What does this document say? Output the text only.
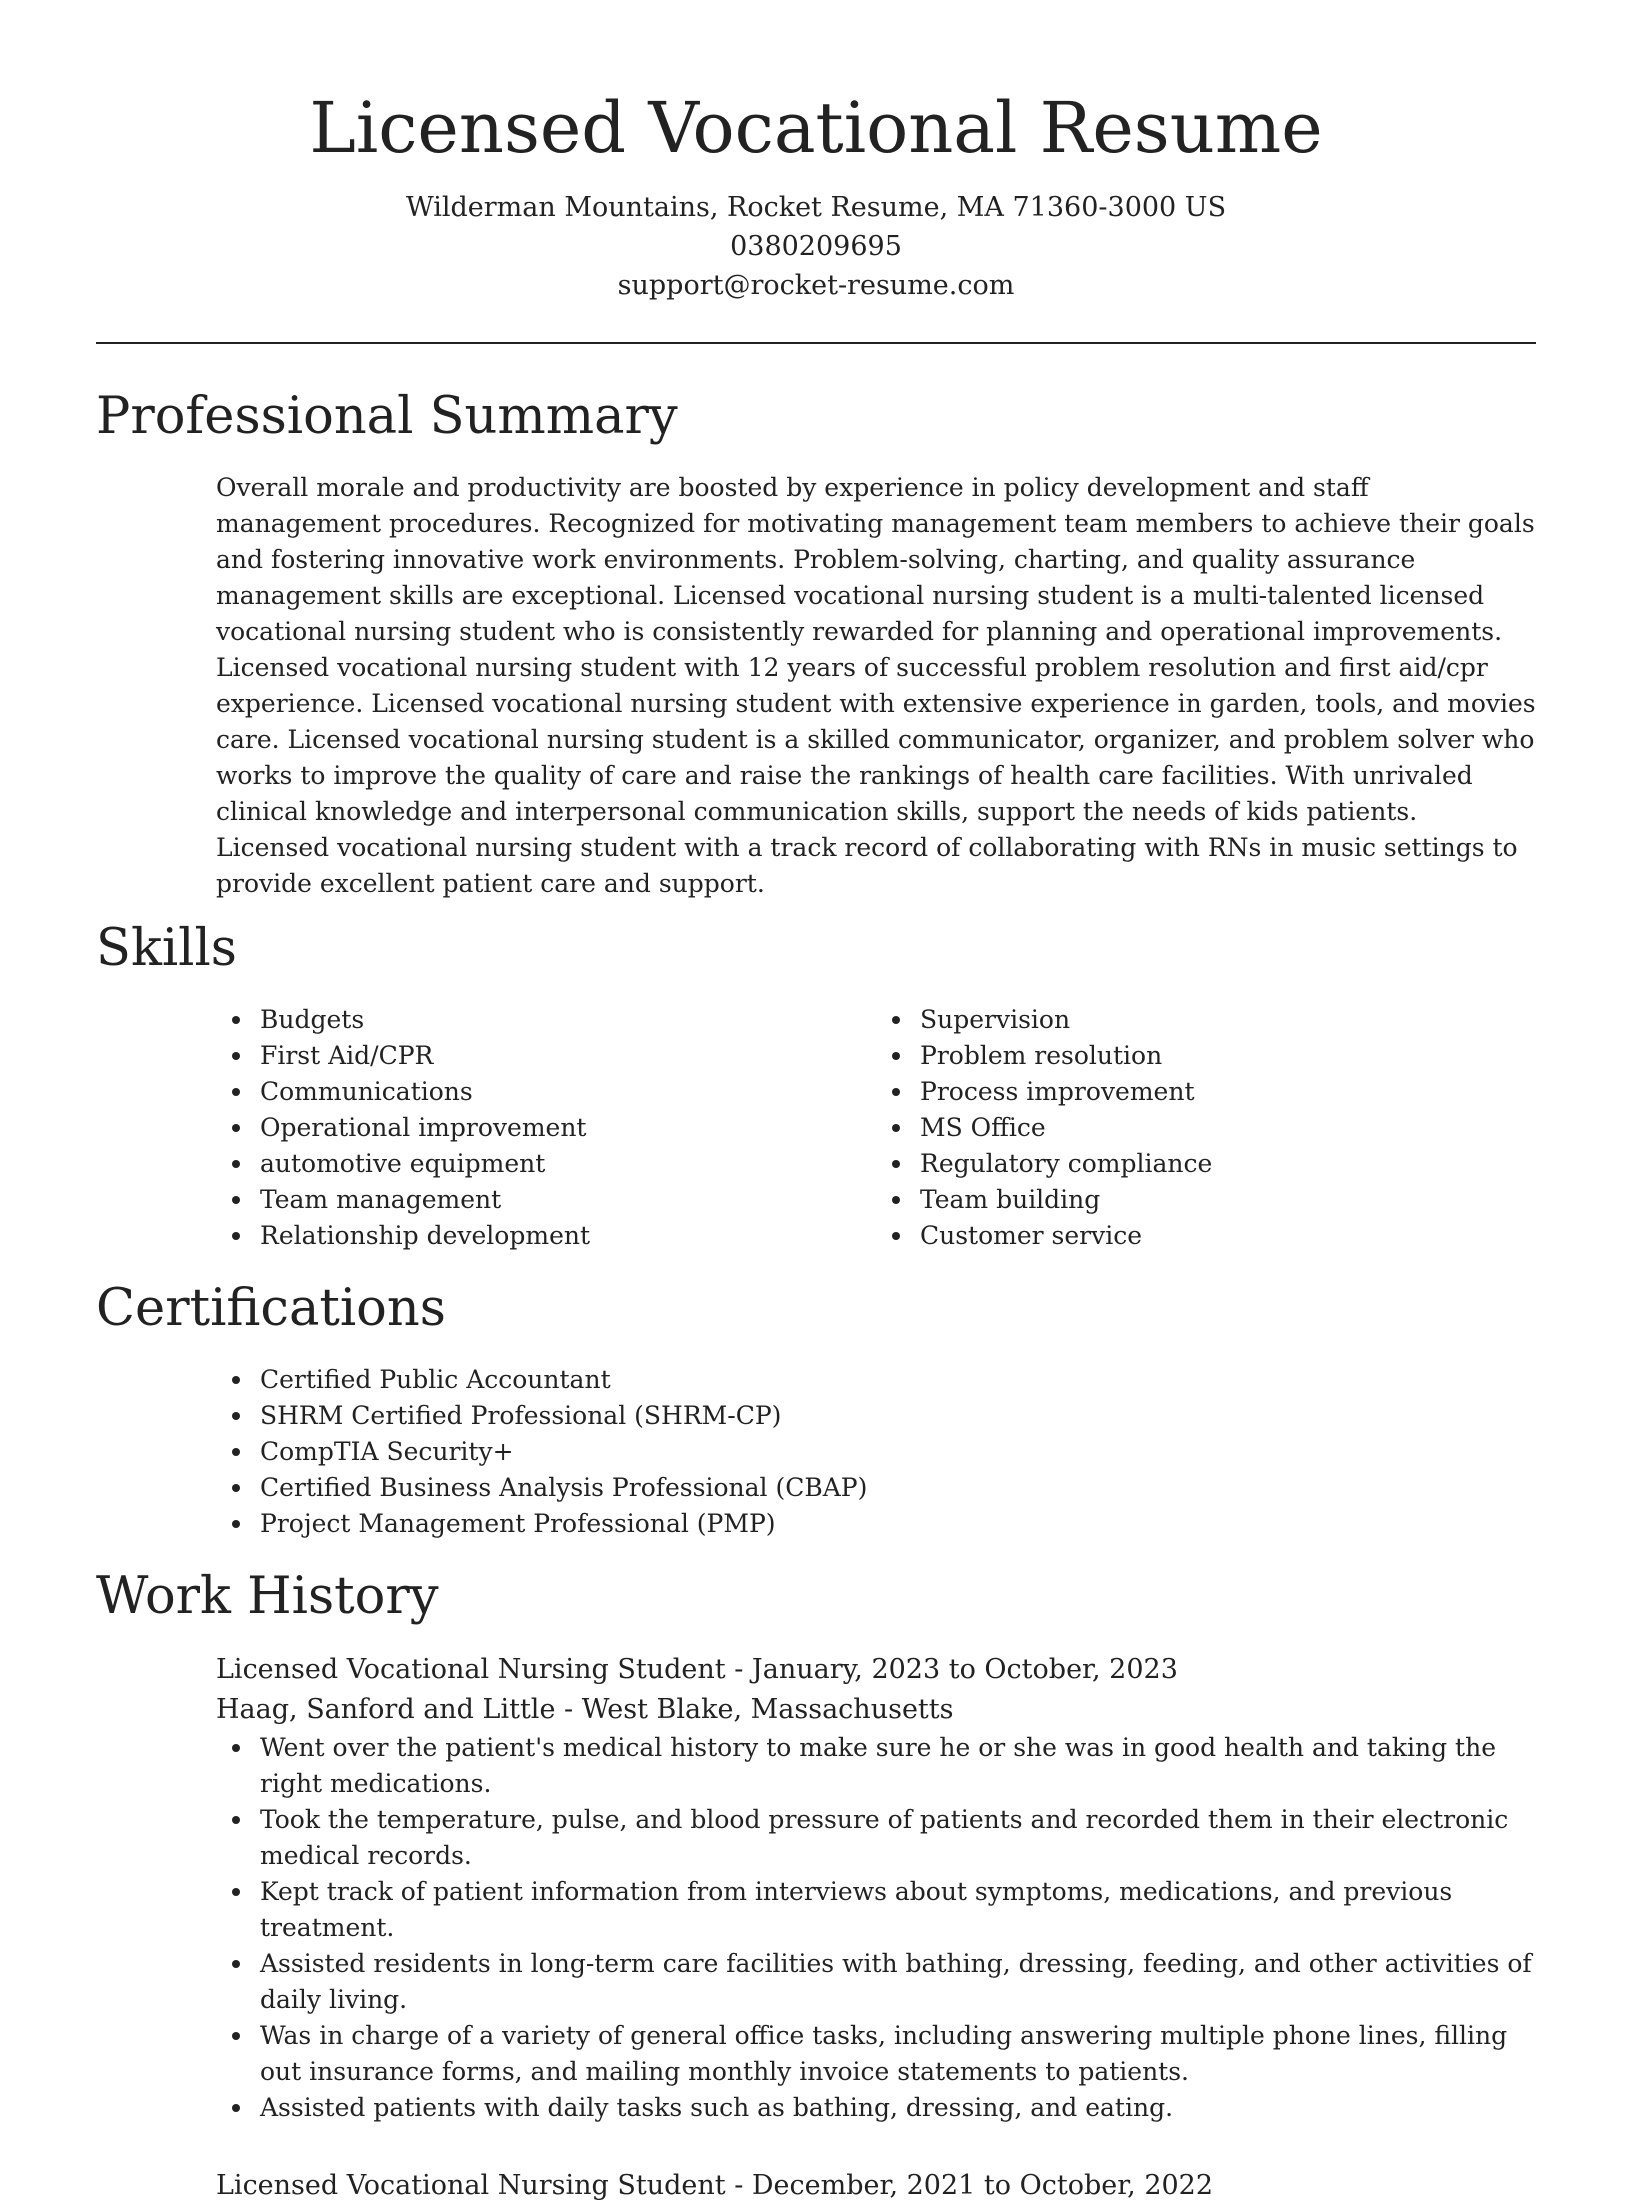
Licensed Vocational Resume
Wilderman Mountains, Rocket Resume, MA 71360-3000 US
0380209695
support@rocket-resume.com
Professional Summary
Overall morale and productivity are boosted by experience in policy development and staff management procedures. Recognized for motivating management team members to achieve their goals and fostering innovative work environments. Problem-solving, charting, and quality assurance management skills are exceptional. Licensed vocational nursing student is a multi-talented licensed vocational nursing student who is consistently rewarded for planning and operational improvements. Licensed vocational nursing student with 12 years of successful problem resolution and first aid/cpr experience. Licensed vocational nursing student with extensive experience in garden, tools, and movies care. Licensed vocational nursing student is a skilled communicator, organizer, and problem solver who works to improve the quality of care and raise the rankings of health care facilities. With unrivaled clinical knowledge and interpersonal communication skills, support the needs of kids patients. Licensed vocational nursing student with a track record of collaborating with RNs in music settings to provide excellent patient care and support.
Skills
Budgets
First Aid/CPR
Communications
Operational improvement
automotive equipment
Team management
Relationship development
Supervision
Problem resolution
Process improvement
MS Office
Regulatory compliance
Team building
Customer service
Certifications
Certified Public Accountant
SHRM Certified Professional (SHRM-CP)
CompTIA Security+
Certified Business Analysis Professional (CBAP)
Project Management Professional (PMP)
Work History
Licensed Vocational Nursing Student - January, 2023 to October, 2023
Haag, Sanford and Little - West Blake, Massachusetts
Went over the patient's medical history to make sure he or she was in good health and taking the right medications.
Took the temperature, pulse, and blood pressure of patients and recorded them in their electronic medical records.
Kept track of patient information from interviews about symptoms, medications, and previous treatment.
Assisted residents in long-term care facilities with bathing, dressing, feeding, and other activities of daily living.
Was in charge of a variety of general office tasks, including answering multiple phone lines, filling out insurance forms, and mailing monthly invoice statements to patients.
Assisted patients with daily tasks such as bathing, dressing, and eating.
Licensed Vocational Nursing Student - December, 2021 to October, 2022
